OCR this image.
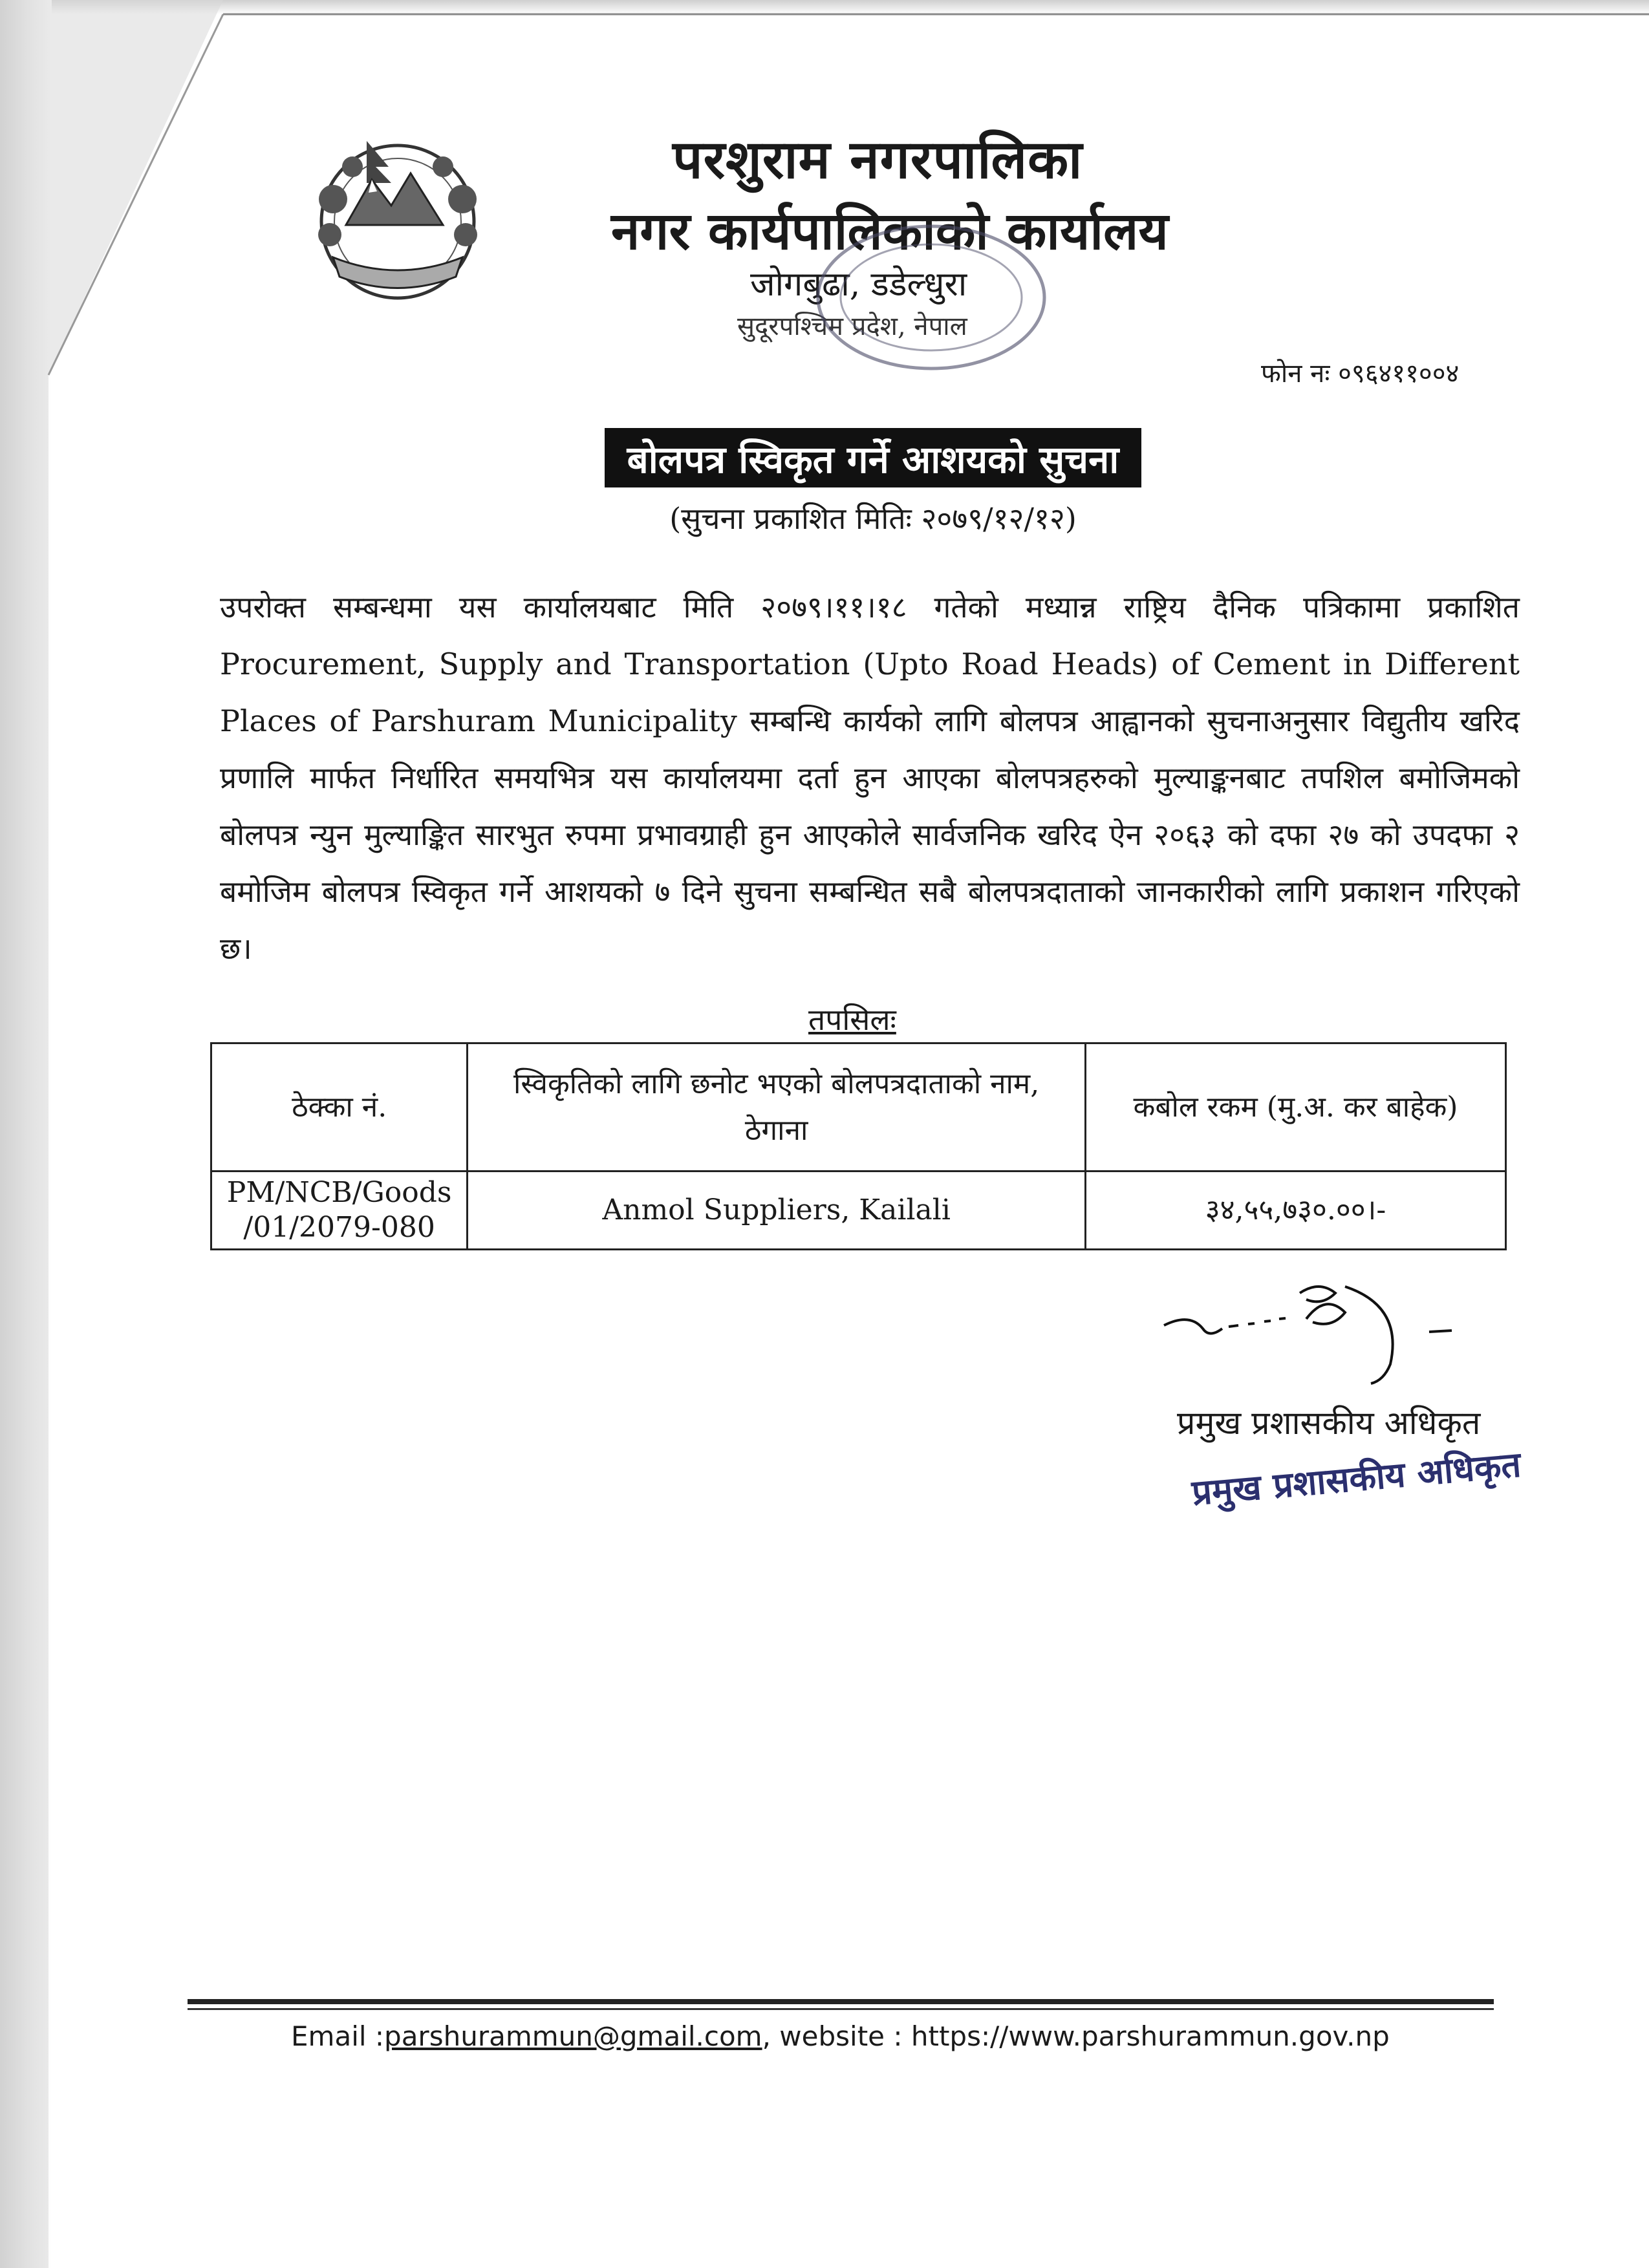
परशुराम नगरपालिका
नगर कार्यपालिकाको कार्यालय
जोगबुढा, डडेल्धुरा
सुदूरपश्चिम प्रदेश, नेपाल
फोन नः ०९६४११००४
बोलपत्र स्विकृत गर्ने आशयको सुचना
(सुचना प्रकाशित मितिः २०७९/१२/१२)
उपरोक्त सम्बन्धमा यस कार्यालयबाट मिति २०७९।११।१८ गतेको मध्यान्न राष्ट्रिय दैनिक पत्रिकामा प्रकाशित Procurement, Supply and Transportation (Upto Road Heads) of Cement in Different Places of Parshuram Municipality सम्बन्धि कार्यको लागि बोलपत्र आह्वानको सुचनाअनुसार विद्युतीय खरिद प्रणालि मार्फत निर्धारित समयभित्र यस कार्यालयमा दर्ता हुन आएका बोलपत्रहरुको मुल्याङ्कनबाट तपशिल बमोजिमको बोलपत्र न्युन मुल्याङ्कित सारभुत रुपमा प्रभावग्राही हुन आएकोले सार्वजनिक खरिद ऐन २०६३ को दफा २७ को उपदफा २ बमोजिम बोलपत्र स्विकृत गर्ने आशयको ७ दिने सुचना सम्बन्धित सबै बोलपत्रदाताको जानकारीको लागि प्रकाशन गरिएको छ।
तपसिलः
ठेक्का नं.	स्विकृतिको लागि छनोट भएको बोलपत्रदाताको नाम, ठेगाना	कबोल रकम (मु.अ. कर बाहेक)
PM/NCB/Goods /01/2079-080	Anmol Suppliers, Kailali	३४,५५,७३०.००।-
प्रमुख प्रशासकीय अधिकृत
प्रमुख प्रशासकीय अधिकृत
Email :parshurammun@gmail.com, website : https://www.parshurammun.gov.np
